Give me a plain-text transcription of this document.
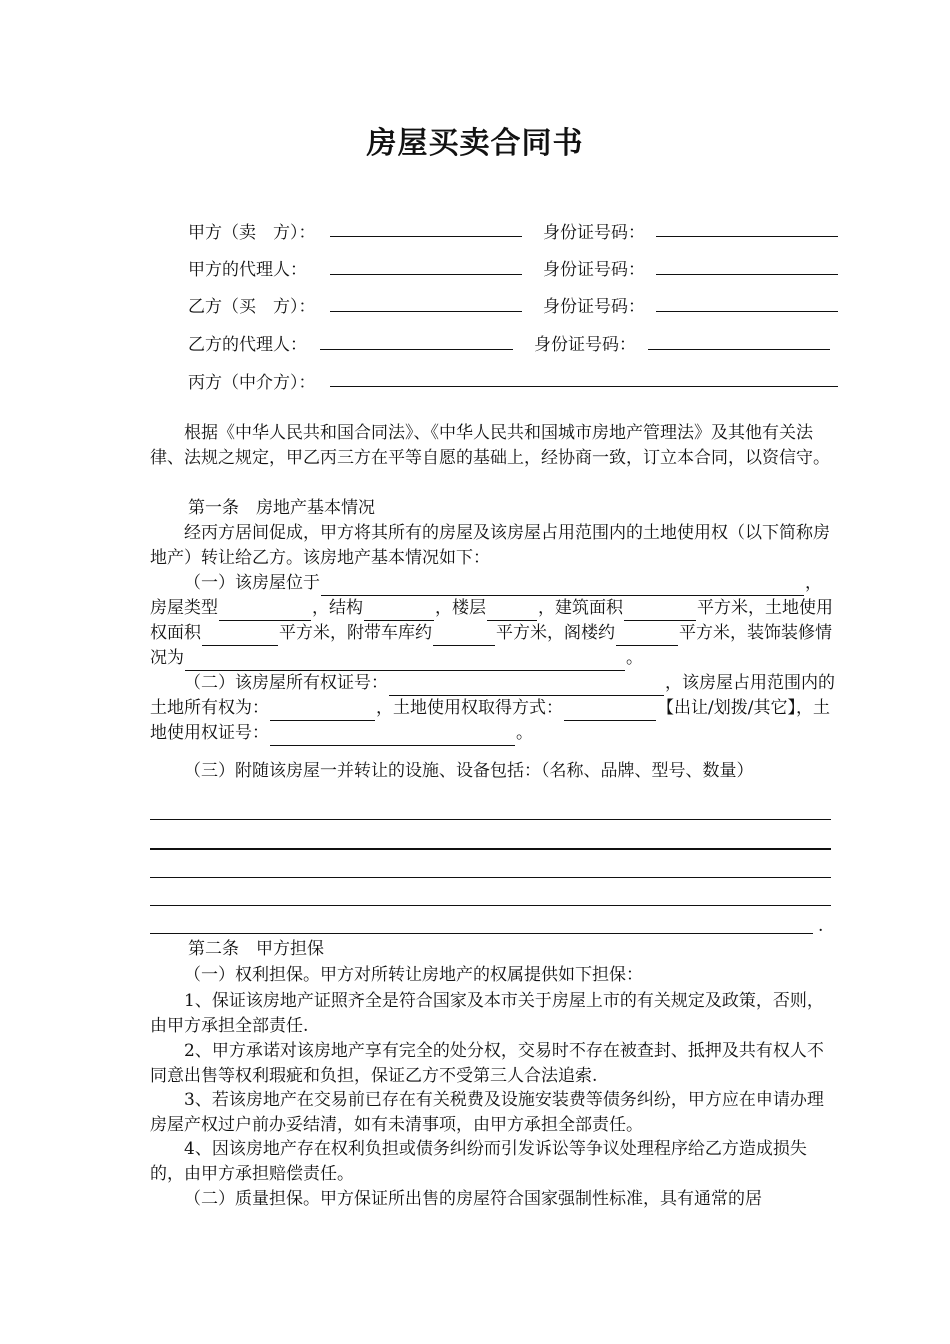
房屋买卖合同书
甲方（卖　方）：	身份证号码：
甲方的代理人：	身份证号码：
乙方（买　方）：	身份证号码：
乙方的代理人：	身份证号码：
丙方（中介方）：

根据《中华人民共和国合同法》、《中华人民共和国城市房地产管理法》及其他有关法律、法规之规定，甲乙丙三方在平等自愿的基础上，经协商一致，订立本合同，以资信守。

第一条　房地产基本情况

经丙方居间促成，甲方将其所有的房屋及该房屋占用范围内的土地使用权（以下简称房地产）转让给乙方。该房地产基本情况如下：

（一）该房屋位于	，房屋类型	，结构	，楼层	，建筑面积	平方米，土地使用权面积	平方米，附带车库约	平方米，阁楼约	平方米，装饰装修情况为	。

（二）该房屋所有权证号：	，该房屋占用范围内的土地所有权为：	，土地使用权取得方式：	【出让/划拨/其它】，土地使用权证号：	。

（三）附随该房屋一并转让的设施、设备包括：（名称、品牌、型号、数量）

.

第二条　甲方担保

（一）权利担保。甲方对所转让房地产的权属提供如下担保：

1、保证该房地产证照齐全是符合国家及本市关于房屋上市的有关规定及政策，否则，由甲方承担全部责任.

2、甲方承诺对该房地产享有完全的处分权，交易时不存在被查封、抵押及共有权人不同意出售等权利瑕疵和负担，保证乙方不受第三人合法追索.

3、若该房地产在交易前已存在有关税费及设施安装费等债务纠纷，甲方应在申请办理房屋产权过户前办妥结清，如有未清事项，由甲方承担全部责任。

4、因该房地产存在权利负担或债务纠纷而引发诉讼等争议处理程序给乙方造成损失的，由甲方承担赔偿责任。

（二）质量担保。甲方保证所出售的房屋符合国家强制性标准，具有通常的居
